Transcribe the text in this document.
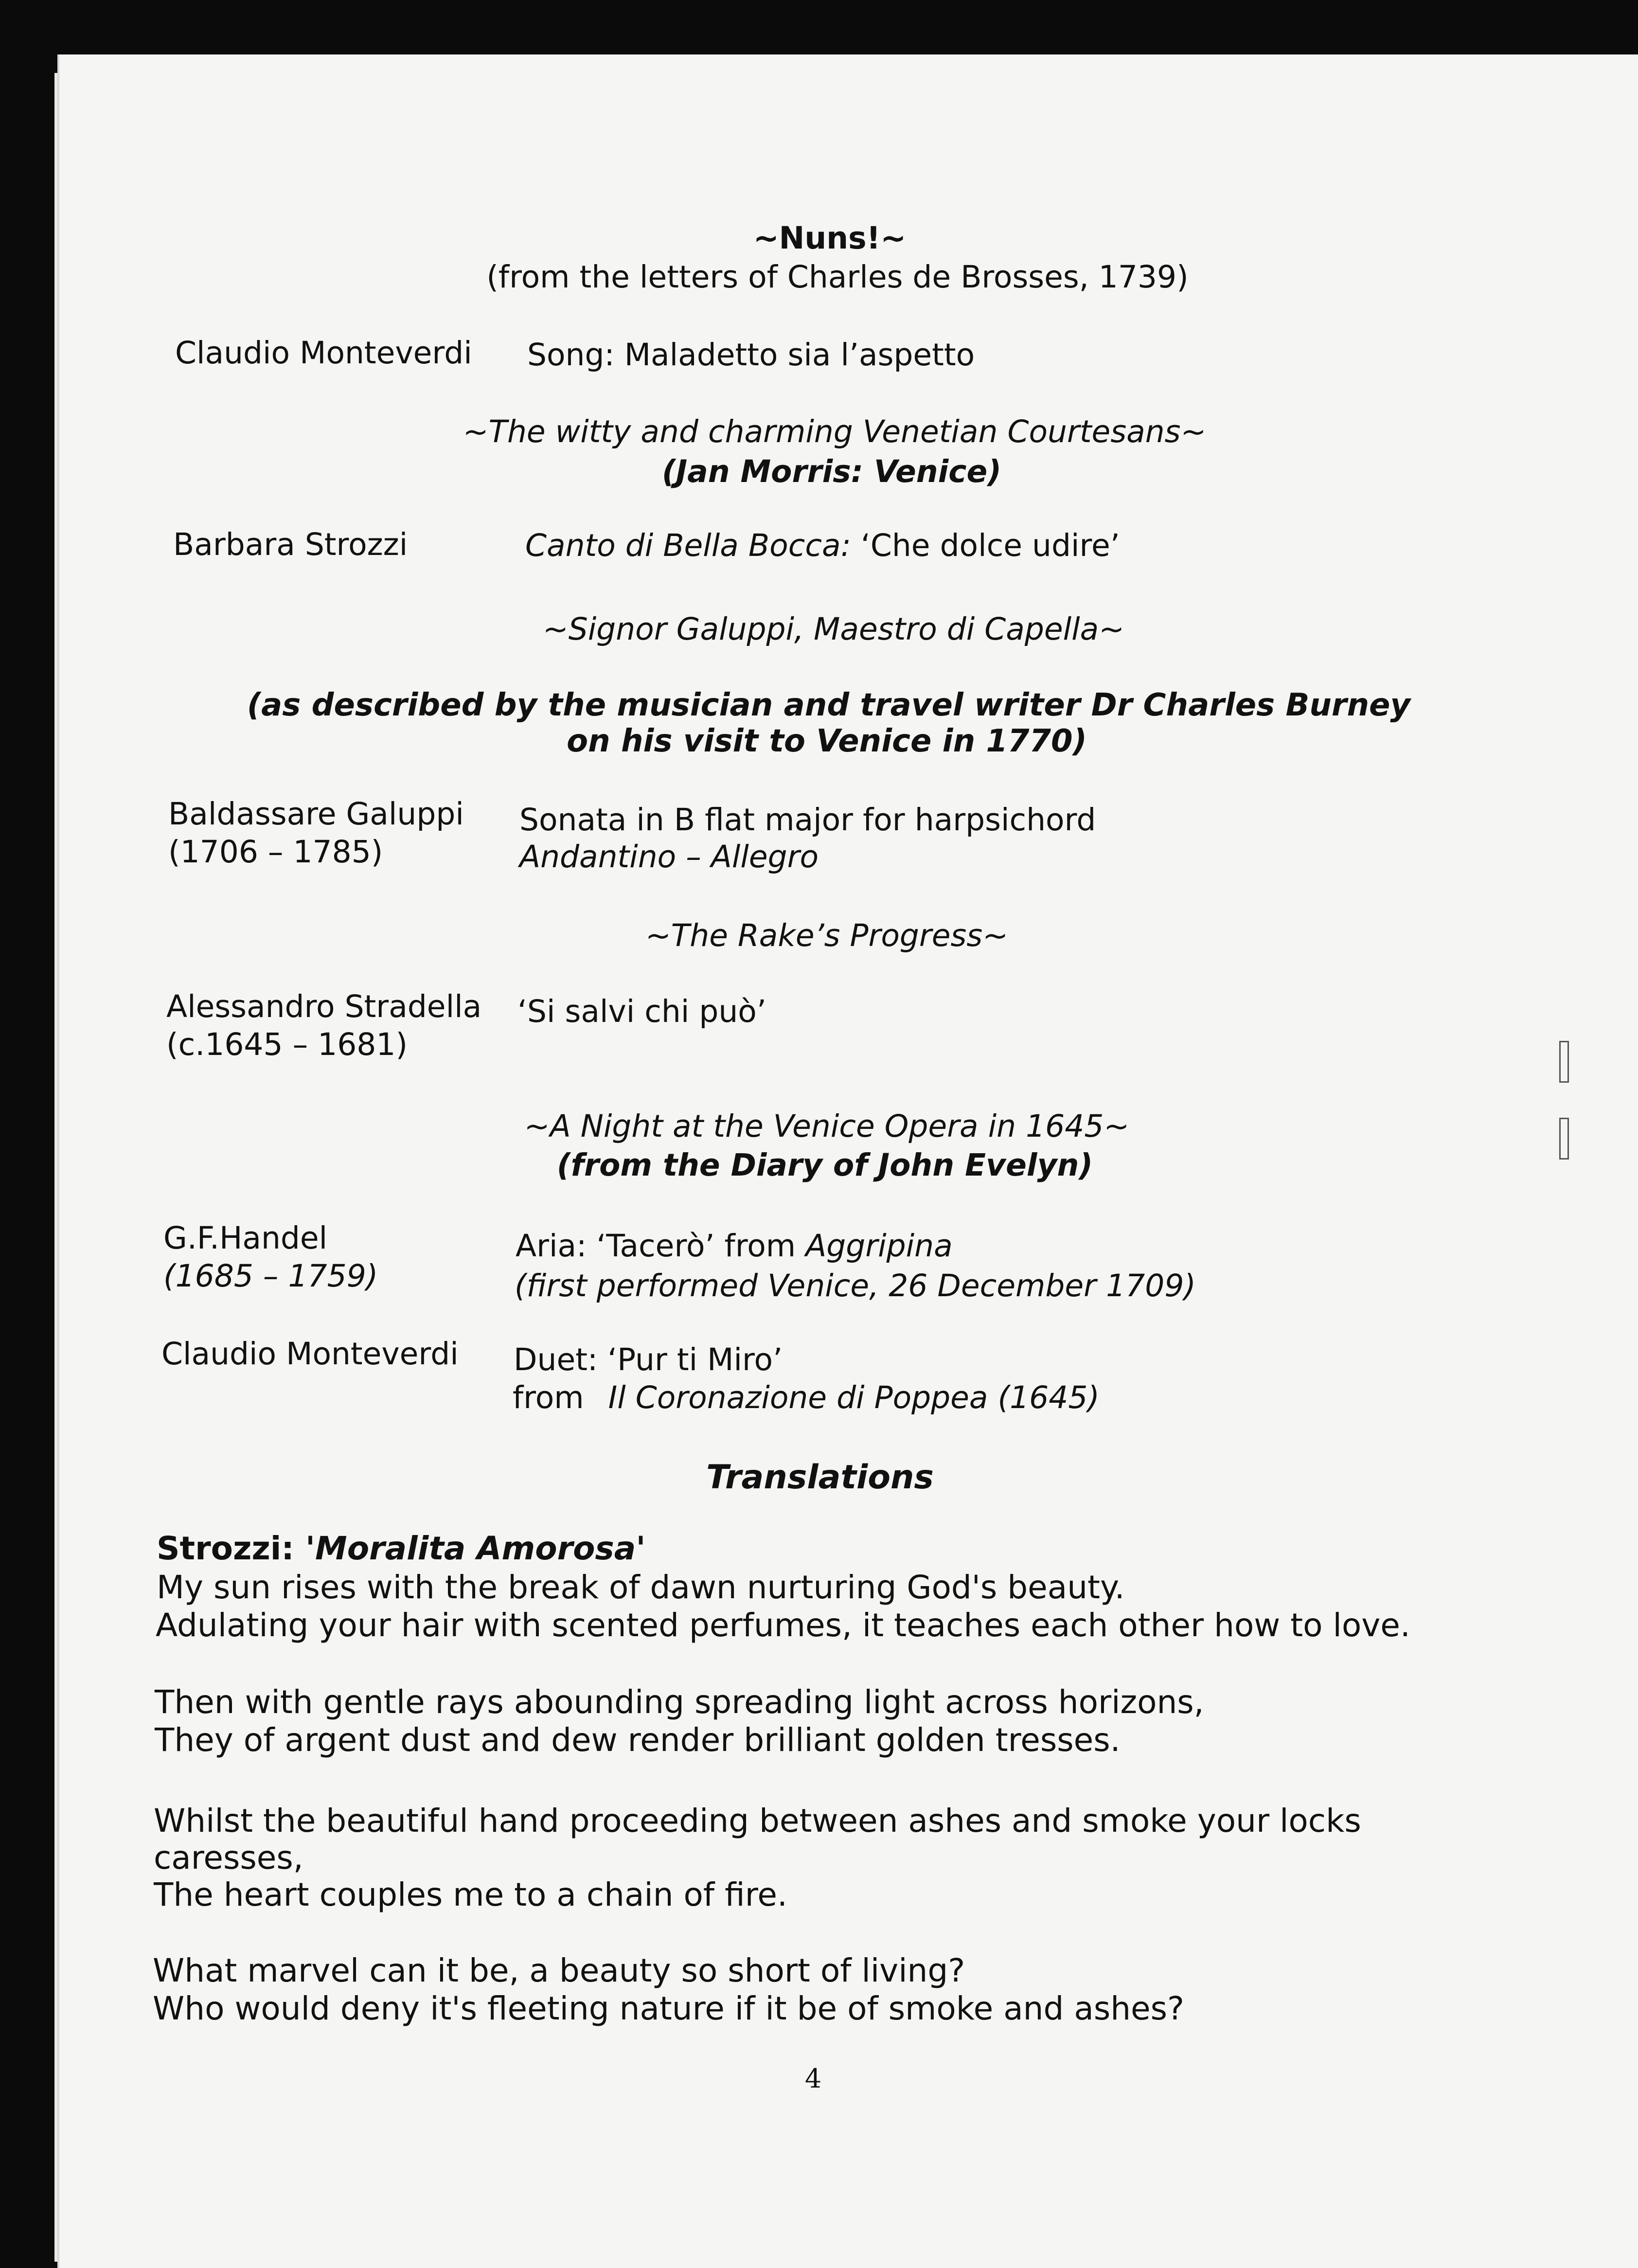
~Nuns!~
(from the letters of Charles de Brosses, 1739)
Claudio Monteverdi Song: Maladetto sia l’aspetto
~The witty and charming Venetian Courtesans~
(Jan Morris: Venice)
Barbara Strozzi	Canto di Bella Bocca: ‘Che dolce udire’
~Signor Galuppi, Maestro di Capella~
(as described by the musician and travel writer Dr Charles Burney
on his visit to Venice in 1770)
Baldassare Galuppi
(1706 – 1785)
Sonata in B flat major for harpsichord
Andantino – Allegro
~The Rake’s Progress~
Alessandro Stradella
(c.1645 – 1681)
‘Si salvi chi può’
~A Night at the Venice Opera in 1645~
(from the Diary of John Evelyn)
G.F.Handel
(1685 – 1759)
Aria: ‘Tacerò’ from Aggripina
(first performed Venice, 26 December 1709)
Claudio Monteverdi Duet: ‘Pur ti Miro’
from Il Coronazione di Poppea (1645)
Translations
Strozzi: 'Moralita Amorosa'
My sun rises with the break of dawn nurturing God's beauty.
Adulating your hair with scented perfumes, it teaches each other how to love.
Then with gentle rays abounding spreading light across horizons,
They of argent dust and dew render brilliant golden tresses.
Whilst the beautiful hand proceeding between ashes and smoke your locks
caresses,
The heart couples me to a chain of fire.
What marvel can it be, a beauty so short of living?
Who would deny it's fleeting nature if it be of smoke and ashes?
4
